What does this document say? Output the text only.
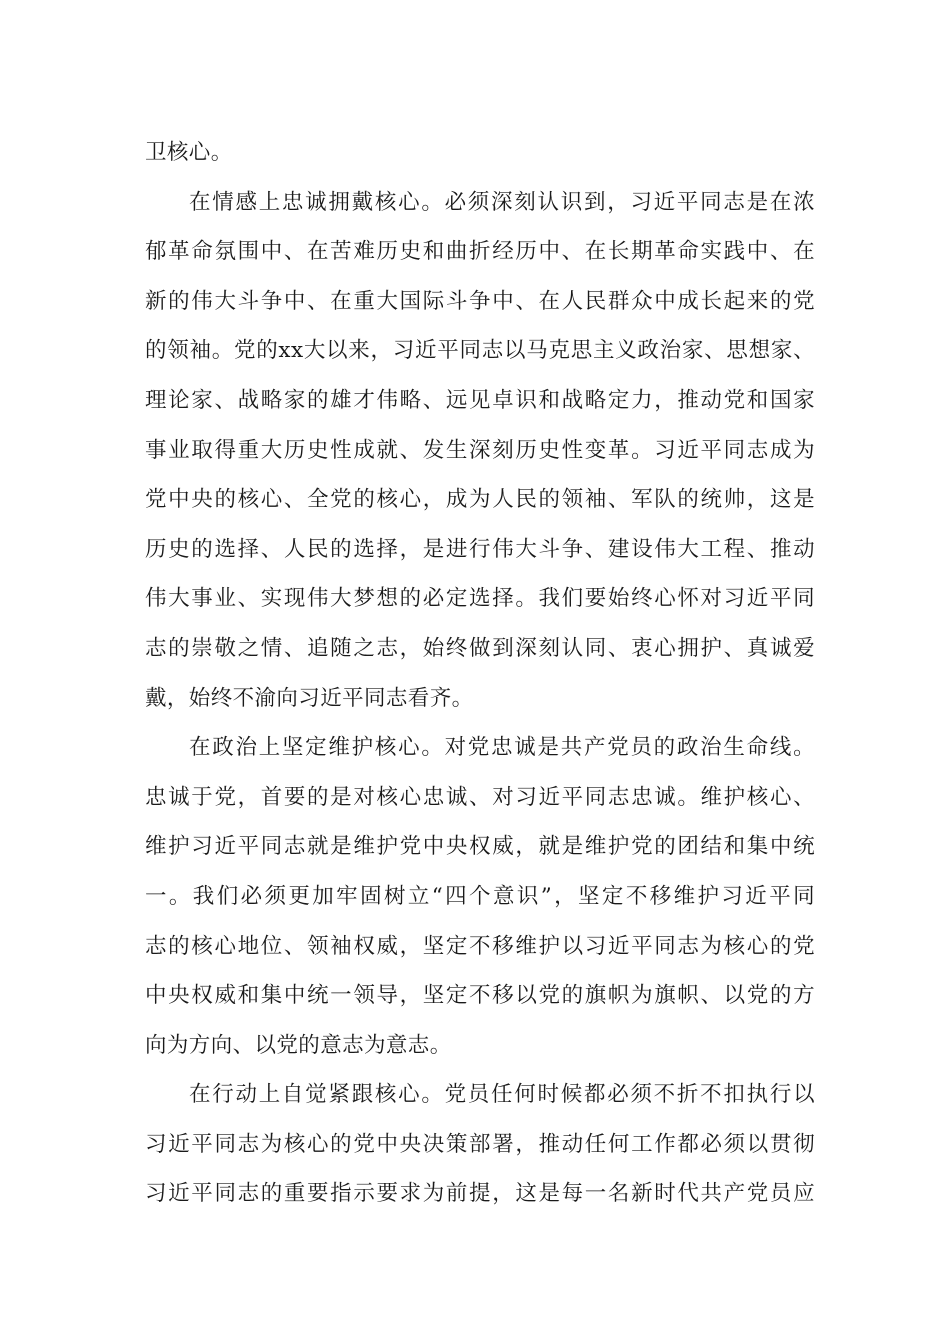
卫核心。
在情感上忠诚拥戴核心。必须深刻认识到，习近平同志是在浓
郁革命氛围中、在苦难历史和曲折经历中、在长期革命实践中、在
新的伟大斗争中、在重大国际斗争中、在人民群众中成长起来的党
的领袖。党的xx大以来，习近平同志以马克思主义政治家、思想家、
理论家、战略家的雄才伟略、远见卓识和战略定力，推动党和国家
事业取得重大历史性成就、发生深刻历史性变革。习近平同志成为
党中央的核心、全党的核心，成为人民的领袖、军队的统帅，这是
历史的选择、人民的选择，是进行伟大斗争、建设伟大工程、推动
伟大事业、实现伟大梦想的必定选择。我们要始终心怀对习近平同
志的崇敬之情、追随之志，始终做到深刻认同、衷心拥护、真诚爱
戴，始终不渝向习近平同志看齐。
在政治上坚定维护核心。对党忠诚是共产党员的政治生命线。
忠诚于党，首要的是对核心忠诚、对习近平同志忠诚。维护核心、
维护习近平同志就是维护党中央权威，就是维护党的团结和集中统
一。我们必须更加牢固树立“四个意识”，坚定不移维护习近平同
志的核心地位、领袖权威，坚定不移维护以习近平同志为核心的党
中央权威和集中统一领导，坚定不移以党的旗帜为旗帜、以党的方
向为方向、以党的意志为意志。
在行动上自觉紧跟核心。党员任何时候都必须不折不扣执行以
习近平同志为核心的党中央决策部署，推动任何工作都必须以贯彻
习近平同志的重要指示要求为前提，这是每一名新时代共产党员应
